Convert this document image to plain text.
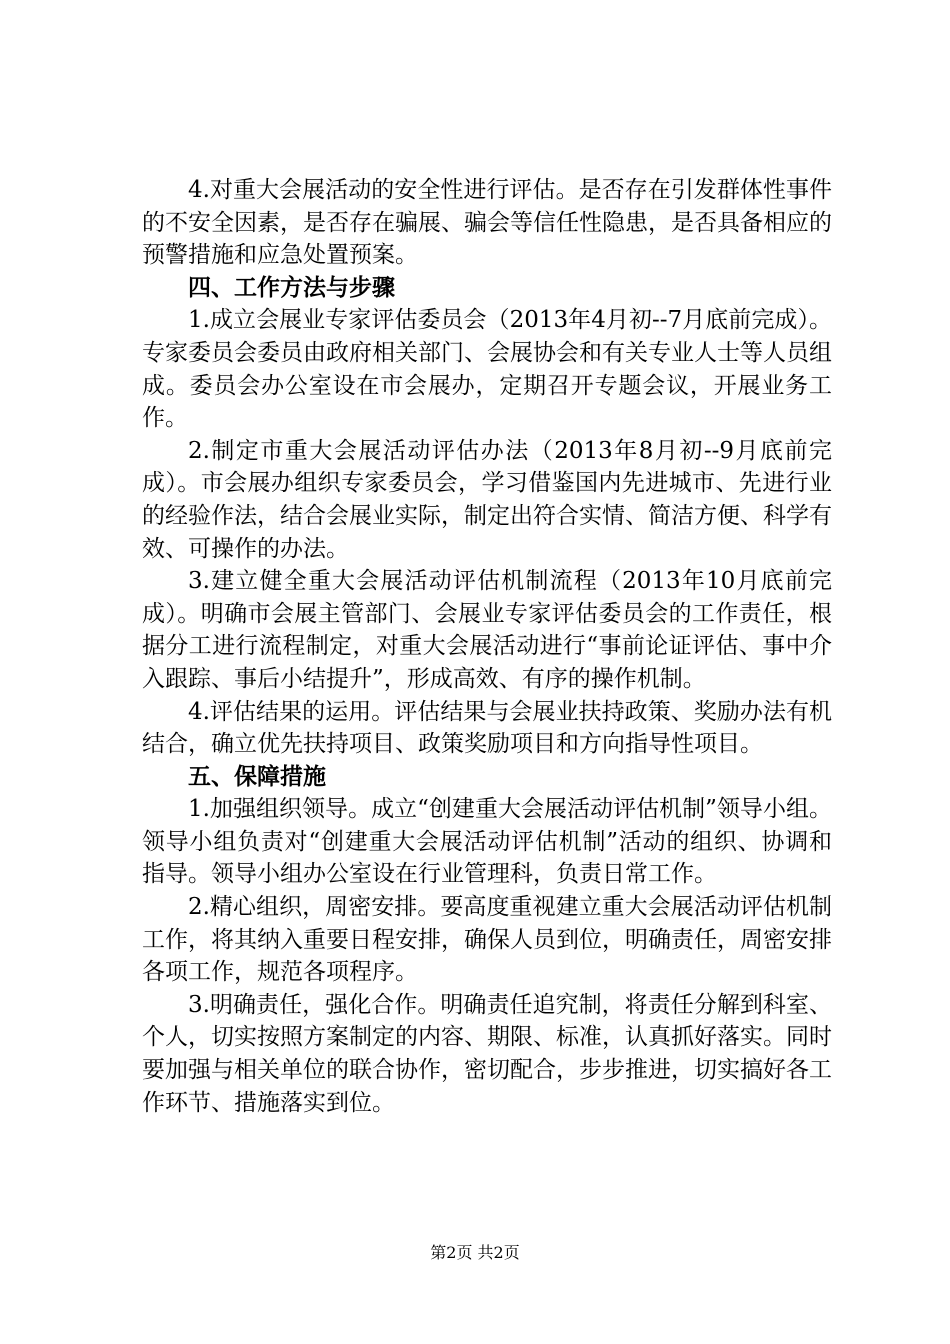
4.对重大会展活动的安全性进行评估。是否存在引发群体性事件的不安全因素，是否存在骗展、骗会等信任性隐患，是否具备相应的预警措施和应急处置预案。

四、工作方法与步骤

1.成立会展业专家评估委员会（2013年4月初--7月底前完成）。专家委员会委员由政府相关部门、会展协会和有关专业人士等人员组成。委员会办公室设在市会展办，定期召开专题会议，开展业务工作。

2.制定市重大会展活动评估办法（2013年8月初--9月底前完成）。市会展办组织专家委员会，学习借鉴国内先进城市、先进行业的经验作法，结合会展业实际，制定出符合实情、简洁方便、科学有效、可操作的办法。

3.建立健全重大会展活动评估机制流程（2013年10月底前完成）。明确市会展主管部门、会展业专家评估委员会的工作责任，根据分工进行流程制定，对重大会展活动进行“事前论证评估、事中介入跟踪、事后小结提升”，形成高效、有序的操作机制。

4.评估结果的运用。评估结果与会展业扶持政策、奖励办法有机结合，确立优先扶持项目、政策奖励项目和方向指导性项目。

五、保障措施

1.加强组织领导。成立“创建重大会展活动评估机制”领导小组。领导小组负责对“创建重大会展活动评估机制”活动的组织、协调和指导。领导小组办公室设在行业管理科，负责日常工作。

2.精心组织，周密安排。要高度重视建立重大会展活动评估机制工作，将其纳入重要日程安排，确保人员到位，明确责任，周密安排各项工作，规范各项程序。

3.明确责任，强化合作。明确责任追究制，将责任分解到科室、个人，切实按照方案制定的内容、期限、标准，认真抓好落实。同时要加强与相关单位的联合协作，密切配合，步步推进，切实搞好各工作环节、措施落实到位。

第2页 共2页
